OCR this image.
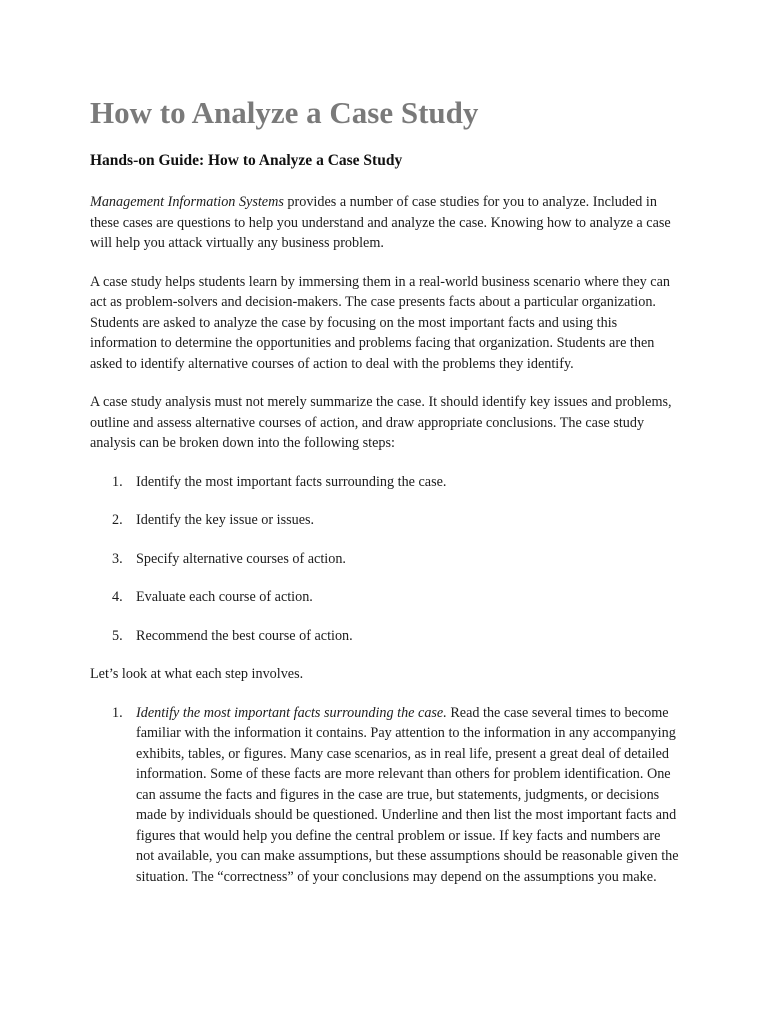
How to Analyze a Case Study
Hands-on Guide: How to Analyze a Case Study

Management Information Systems provides a number of case studies for you to analyze. Included in these cases are questions to help you understand and analyze the case. Knowing how to analyze a case will help you attack virtually any business problem.

A case study helps students learn by immersing them in a real-world business scenario where they can act as problem-solvers and decision-makers. The case presents facts about a particular organization. Students are asked to analyze the case by focusing on the most important facts and using this information to determine the opportunities and problems facing that organization. Students are then asked to identify alternative courses of action to deal with the problems they identify.

A case study analysis must not merely summarize the case. It should identify key issues and problems, outline and assess alternative courses of action, and draw appropriate conclusions. The case study analysis can be broken down into the following steps:

1. Identify the most important facts surrounding the case.
2. Identify the key issue or issues.
3. Specify alternative courses of action.
4. Evaluate each course of action.
5. Recommend the best course of action.

Let’s look at what each step involves.

1. Identify the most important facts surrounding the case. Read the case several times to become familiar with the information it contains. Pay attention to the information in any accompanying exhibits, tables, or figures. Many case scenarios, as in real life, present a great deal of detailed information. Some of these facts are more relevant than others for problem identification. One can assume the facts and figures in the case are true, but statements, judgments, or decisions made by individuals should be questioned. Underline and then list the most important facts and figures that would help you define the central problem or issue. If key facts and numbers are not available, you can make assumptions, but these assumptions should be reasonable given the situation. The “correctness” of your conclusions may depend on the assumptions you make.
